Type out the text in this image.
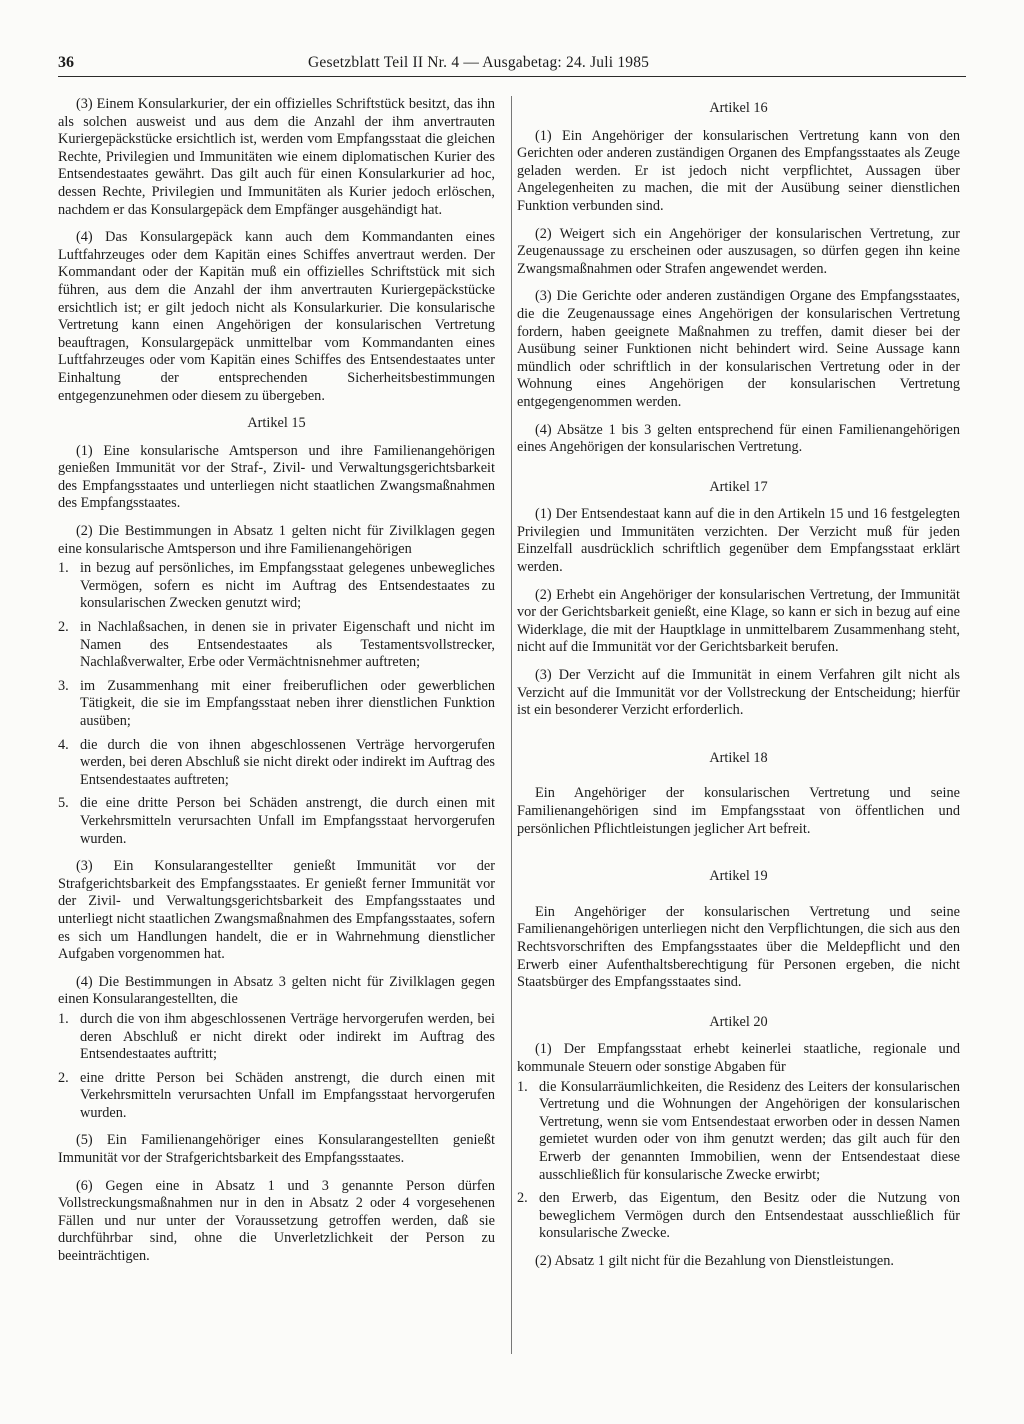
36	Gesetzblatt Teil II Nr. 4 — Ausgabetag: 24. Juli 1985

(3) Einem Konsularkurier, der ein offizielles Schriftstück besitzt, das ihn als solchen ausweist und aus dem die Anzahl der ihm anvertrauten Kuriergepäckstücke ersichtlich ist, werden vom Empfangsstaat die gleichen Rechte, Privilegien und Immunitäten wie einem diplomatischen Kurier des Entsendestaates gewährt. Das gilt auch für einen Konsularkurier ad hoc, dessen Rechte, Privilegien und Immunitäten als Kurier jedoch erlöschen, nachdem er das Konsulargepäck dem Empfänger ausgehändigt hat.

(4) Das Konsulargepäck kann auch dem Kommandanten eines Luftfahrzeuges oder dem Kapitän eines Schiffes anvertraut werden. Der Kommandant oder der Kapitän muß ein offizielles Schriftstück mit sich führen, aus dem die Anzahl der ihm anvertrauten Kuriergepäckstücke ersichtlich ist; er gilt jedoch nicht als Konsularkurier. Die konsularische Vertretung kann einen Angehörigen der konsularischen Vertretung beauftragen, Konsulargepäck unmittelbar vom Kommandanten eines Luftfahrzeuges oder vom Kapitän eines Schiffes des Entsendestaates unter Einhaltung der entsprechenden Sicherheitsbestimmungen entgegenzunehmen oder diesem zu übergeben.

Artikel 15

(1) Eine konsularische Amtsperson und ihre Familienangehörigen genießen Immunität vor der Straf-, Zivil- und Verwaltungsgerichtsbarkeit des Empfangsstaates und unterliegen nicht staatlichen Zwangsmaßnahmen des Empfangsstaates.

(2) Die Bestimmungen in Absatz 1 gelten nicht für Zivilklagen gegen eine konsularische Amtsperson und ihre Familienangehörigen

1. in bezug auf persönliches, im Empfangsstaat gelegenes unbewegliches Vermögen, sofern es nicht im Auftrag des Entsendestaates zu konsularischen Zwecken genutzt wird;
2. in Nachlaßsachen, in denen sie in privater Eigenschaft und nicht im Namen des Entsendestaates als Testamentsvollstrecker, Nachlaßverwalter, Erbe oder Vermächtnisnehmer auftreten;
3. im Zusammenhang mit einer freiberuflichen oder gewerblichen Tätigkeit, die sie im Empfangsstaat neben ihrer dienstlichen Funktion ausüben;
4. die durch die von ihnen abgeschlossenen Verträge hervorgerufen werden, bei deren Abschluß sie nicht direkt oder indirekt im Auftrag des Entsendestaates auftreten;
5. die eine dritte Person bei Schäden anstrengt, die durch einen mit Verkehrsmitteln verursachten Unfall im Empfangsstaat hervorgerufen wurden.

(3) Ein Konsularangestellter genießt Immunität vor der Strafgerichtsbarkeit des Empfangsstaates. Er genießt ferner Immunität vor der Zivil- und Verwaltungsgerichtsbarkeit des Empfangsstaates und unterliegt nicht staatlichen Zwangsmaßnahmen des Empfangsstaates, sofern es sich um Handlungen handelt, die er in Wahrnehmung dienstlicher Aufgaben vorgenommen hat.

(4) Die Bestimmungen in Absatz 3 gelten nicht für Zivilklagen gegen einen Konsularangestellten, die

1. durch die von ihm abgeschlossenen Verträge hervorgerufen werden, bei deren Abschluß er nicht direkt oder indirekt im Auftrag des Entsendestaates auftritt;
2. eine dritte Person bei Schäden anstrengt, die durch einen mit Verkehrsmitteln verursachten Unfall im Empfangsstaat hervorgerufen wurden.

(5) Ein Familienangehöriger eines Konsularangestellten genießt Immunität vor der Strafgerichtsbarkeit des Empfangsstaates.

(6) Gegen eine in Absatz 1 und 3 genannte Person dürfen Vollstreckungsmaßnahmen nur in den in Absatz 2 oder 4 vorgesehenen Fällen und nur unter der Voraussetzung getroffen werden, daß sie durchführbar sind, ohne die Unverletzlichkeit der Person zu beeinträchtigen.

Artikel 16

(1) Ein Angehöriger der konsularischen Vertretung kann von den Gerichten oder anderen zuständigen Organen des Empfangsstaates als Zeuge geladen werden. Er ist jedoch nicht verpflichtet, Aussagen über Angelegenheiten zu machen, die mit der Ausübung seiner dienstlichen Funktion verbunden sind.

(2) Weigert sich ein Angehöriger der konsularischen Vertretung, zur Zeugenaussage zu erscheinen oder auszusagen, so dürfen gegen ihn keine Zwangsmaßnahmen oder Strafen angewendet werden.

(3) Die Gerichte oder anderen zuständigen Organe des Empfangsstaates, die die Zeugenaussage eines Angehörigen der konsularischen Vertretung fordern, haben geeignete Maßnahmen zu treffen, damit dieser bei der Ausübung seiner Funktionen nicht behindert wird. Seine Aussage kann mündlich oder schriftlich in der konsularischen Vertretung oder in der Wohnung eines Angehörigen der konsularischen Vertretung entgegengenommen werden.

(4) Absätze 1 bis 3 gelten entsprechend für einen Familienangehörigen eines Angehörigen der konsularischen Vertretung.

Artikel 17

(1) Der Entsendestaat kann auf die in den Artikeln 15 und 16 festgelegten Privilegien und Immunitäten verzichten. Der Verzicht muß für jeden Einzelfall ausdrücklich schriftlich gegenüber dem Empfangsstaat erklärt werden.

(2) Erhebt ein Angehöriger der konsularischen Vertretung, der Immunität vor der Gerichtsbarkeit genießt, eine Klage, so kann er sich in bezug auf eine Widerklage, die mit der Hauptklage in unmittelbarem Zusammenhang steht, nicht auf die Immunität vor der Gerichtsbarkeit berufen.

(3) Der Verzicht auf die Immunität in einem Verfahren gilt nicht als Verzicht auf die Immunität vor der Vollstreckung der Entscheidung; hierfür ist ein besonderer Verzicht erforderlich.

Artikel 18

Ein Angehöriger der konsularischen Vertretung und seine Familienangehörigen sind im Empfangsstaat von öffentlichen und persönlichen Pflichtleistungen jeglicher Art befreit.

Artikel 19

Ein Angehöriger der konsularischen Vertretung und seine Familienangehörigen unterliegen nicht den Verpflichtungen, die sich aus den Rechtsvorschriften des Empfangsstaates über die Meldepflicht und den Erwerb einer Aufenthaltsberechtigung für Personen ergeben, die nicht Staatsbürger des Empfangsstaates sind.

Artikel 20

(1) Der Empfangsstaat erhebt keinerlei staatliche, regionale und kommunale Steuern oder sonstige Abgaben für

1. die Konsularräumlichkeiten, die Residenz des Leiters der konsularischen Vertretung und die Wohnungen der Angehörigen der konsularischen Vertretung, wenn sie vom Entsendestaat erworben oder in dessen Namen gemietet wurden oder von ihm genutzt werden; das gilt auch für den Erwerb der genannten Immobilien, wenn der Entsendestaat diese ausschließlich für konsularische Zwecke erwirbt;
2. den Erwerb, das Eigentum, den Besitz oder die Nutzung von beweglichem Vermögen durch den Entsendestaat ausschließlich für konsularische Zwecke.

(2) Absatz 1 gilt nicht für die Bezahlung von Dienstleistungen.
